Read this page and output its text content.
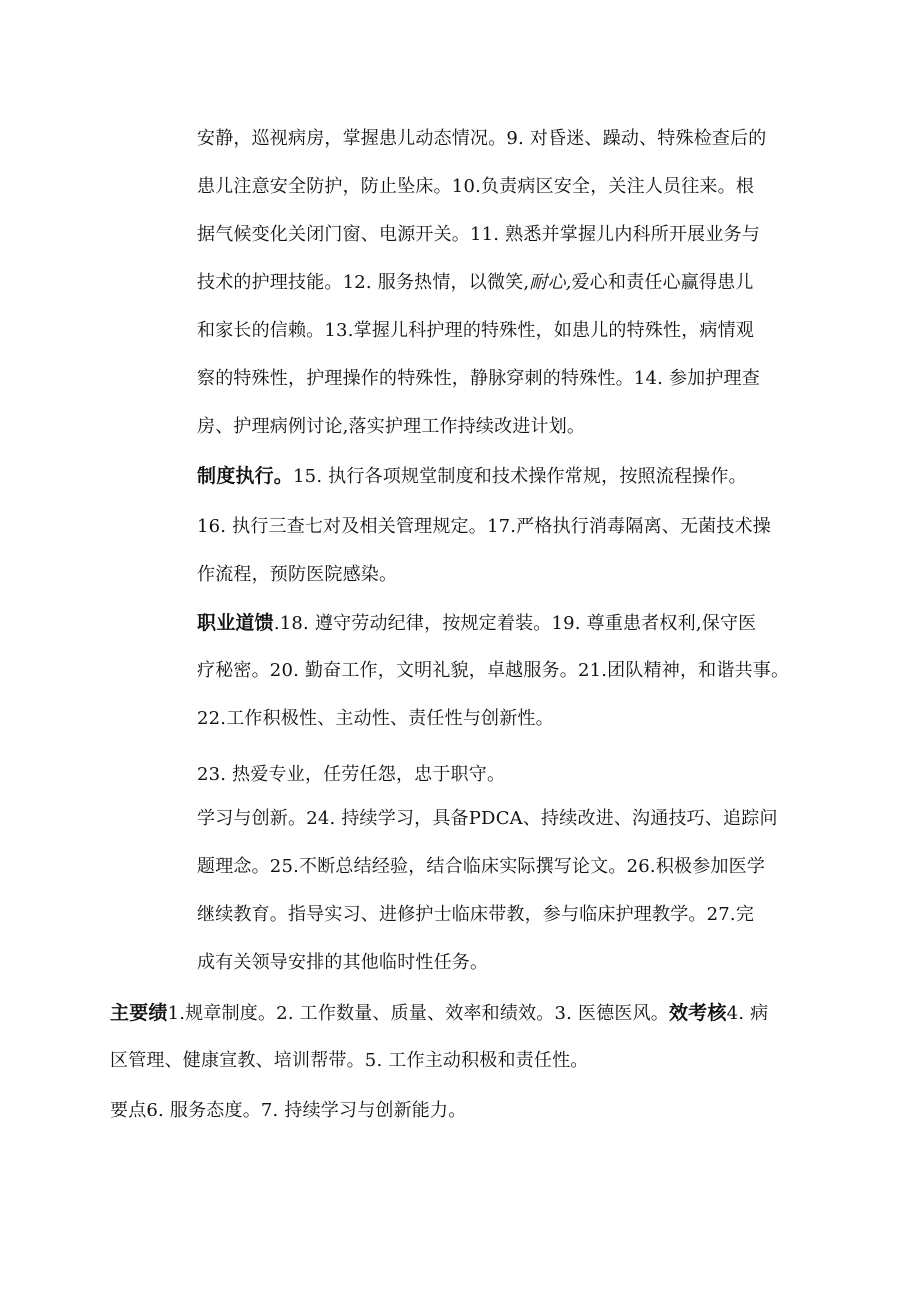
安静，巡视病房，掌握患儿动态情况。9. 对昏迷、躁动、特殊检查后的
患儿注意安全防护，防止坠床。10.负责病区安全，关注人员往来。根
据气候变化关闭门窗、电源开关。11. 熟悉并掌握儿内科所开展业务与
技术的护理技能。12. 服务热情，以微笑,耐心,爱心和责任心赢得患儿
和家长的信赖。13.掌握儿科护理的特殊性，如患儿的特殊性，病情观
察的特殊性，护理操作的特殊性，静脉穿刺的特殊性。14. 参加护理查
房、护理病例讨论,落实护理工作持续改进计划。
制度执行。15. 执行各项规堂制度和技术操作常规，按照流程操作。
16. 执行三查七对及相关管理规定。17.严格执行消毒隔离、无菌技术操
作流程，预防医院感染。
职业道馈.18. 遵守劳动纪律，按规定着装。19. 尊重患者权利,保守医
疗秘密。20. 勤奋工作，文明礼貌，卓越服务。21.团队精神，和谐共事。
22.工作积极性、主动性、责任性与创新性。
23. 热爱专业，任劳任怨，忠于职守。
学习与创新。24. 持续学习，具备PDCA、持续改进、沟通技巧、追踪问
题理念。25.不断总结经验，结合临床实际撰写论文。26.积极参加医学
继续教育。指导实习、进修护士临床带教，参与临床护理教学。27.完
成有关领导安排的其他临时性任务。
主要绩1.规章制度。2. 工作数量、质量、效率和绩效。3. 医德医风。效考核4. 病
区管理、健康宣教、培训帮带。5. 工作主动积极和责任性。
要点6. 服务态度。7. 持续学习与创新能力。
